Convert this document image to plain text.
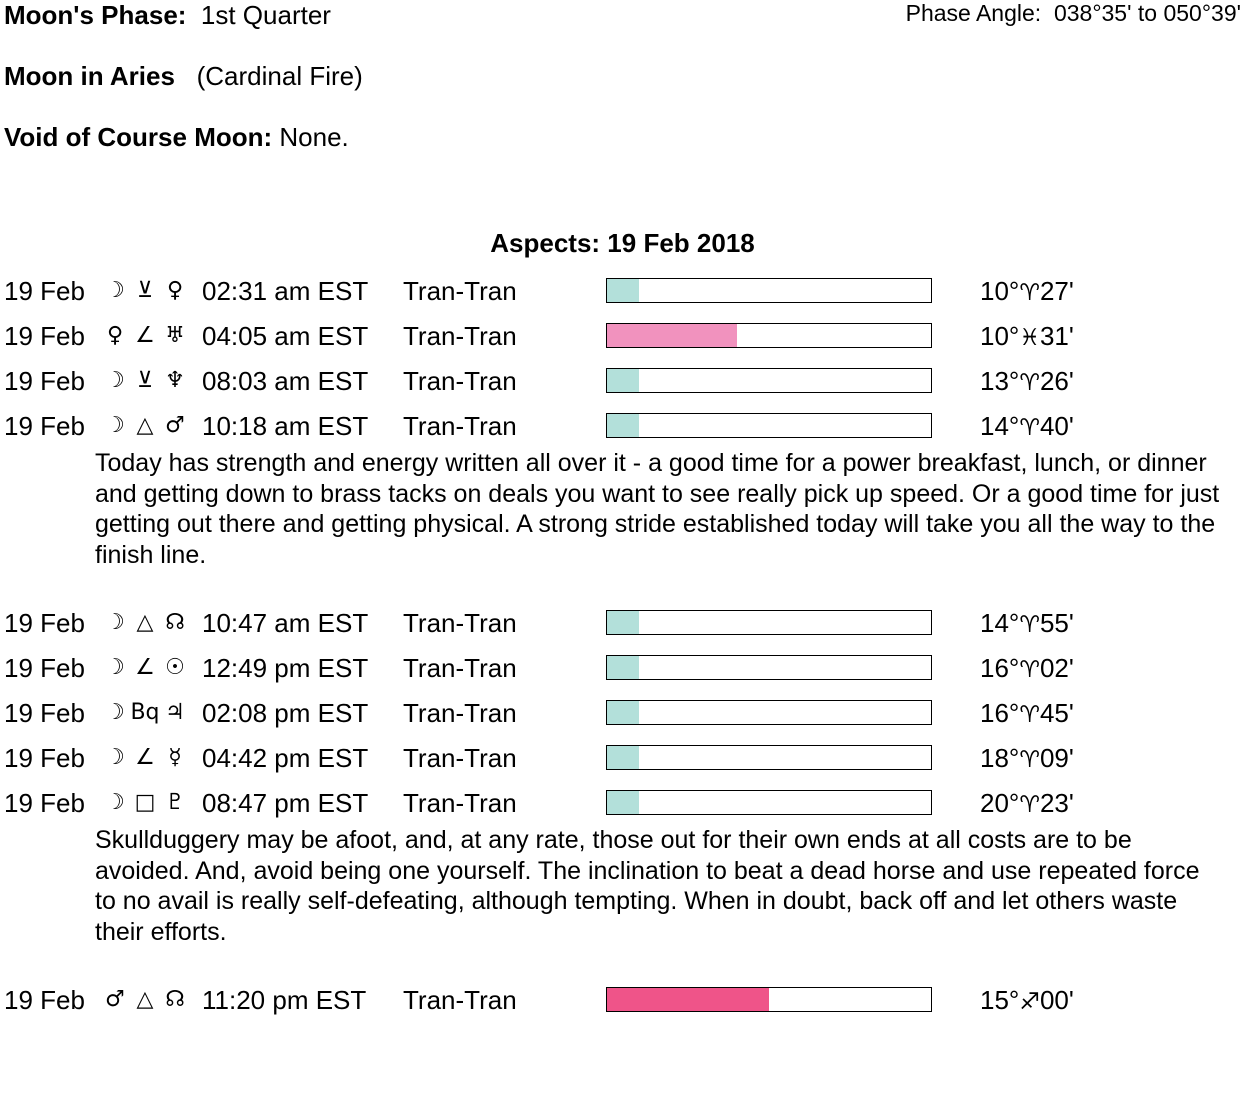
Moon's Phase: 1st Quarter	Phase Angle:  038°35' to 050°39'
Moon in Aries (Cardinal Fire)
Void of Course Moon: None.
Aspects: 19 Feb 2018
19 Feb ☽ ⊻ ♀ 02:31 am EST Tran-Tran	10°♈27'
19 Feb ♀ ∠ ♅ 04:05 am EST Tran-Tran	10°♓31'
19 Feb ☽ ⊻ ♆ 08:03 am EST Tran-Tran	13°♈26'
19 Feb ☽ △ ♂ 10:18 am EST Tran-Tran	14°♈40'
Today has strength and energy written all over it - a good time for a power breakfast, lunch, or dinner and getting down to brass tacks on deals you want to see really pick up speed. Or a good time for just getting out there and getting physical. A strong stride established today will take you all the way to the finish line.
19 Feb ☽ △ ☊ 10:47 am EST Tran-Tran	14°♈55'
19 Feb ☽ ∠ ☉ 12:49 pm EST Tran-Tran	16°♈02'
19 Feb ☽ Bq ♃ 02:08 pm EST Tran-Tran	16°♈45'
19 Feb ☽ ∠ ☿ 04:42 pm EST Tran-Tran	18°♈09'
19 Feb ☽ □ ♇ 08:47 pm EST Tran-Tran	20°♈23'
Skullduggery may be afoot, and, at any rate, those out for their own ends at all costs are to be avoided. And, avoid being one yourself. The inclination to beat a dead horse and use repeated force to no avail is really self-defeating, although tempting. When in doubt, back off and let others waste their efforts.
19 Feb ♂ △ ☊ 11:20 pm EST Tran-Tran	15°♐00'
